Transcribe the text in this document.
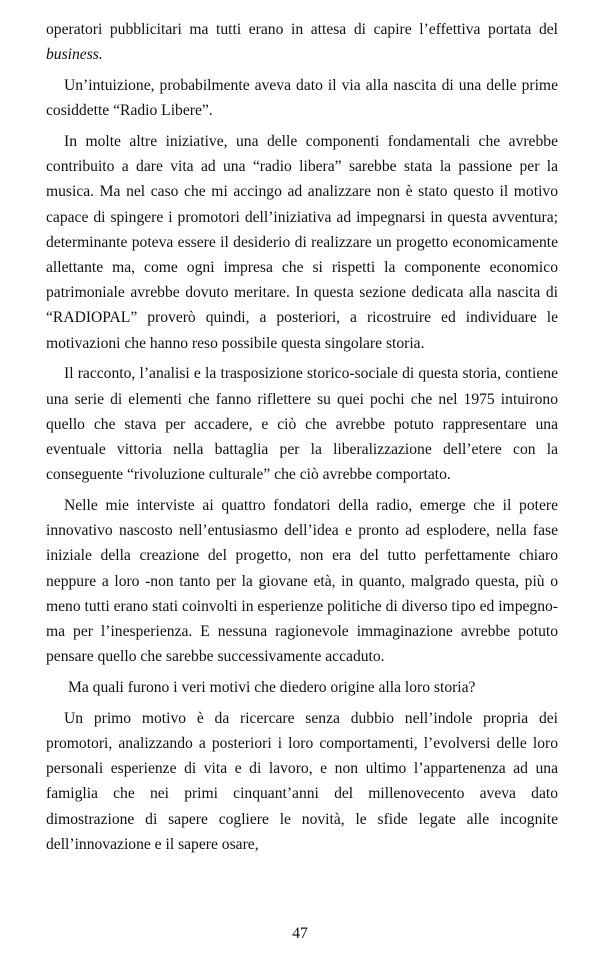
operatori pubblicitari ma tutti erano in attesa di capire l’effettiva portata del business.

Un’intuizione, probabilmente aveva dato il via alla nascita di una delle prime cosiddette “Radio Libere”.

In molte altre iniziative, una delle componenti fondamentali che avrebbe contribuito a dare vita ad una “radio libera” sarebbe stata la passione per la musica. Ma nel caso che mi accingo ad analizzare non è stato questo il motivo capace di spingere i promotori dell’iniziativa ad impegnarsi in questa avventura; determinante poteva essere il desiderio di realizzare un progetto economicamente allettante ma, come ogni impresa che si rispetti la componente economico patrimoniale avrebbe dovuto meritare. In questa sezione dedicata alla nascita di “RADIOPAL” proverò quindi, a posteriori, a ricostruire ed individuare le motivazioni che hanno reso possibile questa singolare storia.

Il racconto, l’analisi e la trasposizione storico-sociale di questa storia, contiene una serie di elementi che fanno riflettere su quei pochi che nel 1975 intuirono quello che stava per accadere, e ciò che avrebbe potuto rappresentare una eventuale vittoria nella battaglia per la liberalizzazione dell’etere con la conseguente “rivoluzione culturale” che ciò avrebbe comportato.

Nelle mie interviste ai quattro fondatori della radio, emerge che il potere innovativo nascosto nell’entusiasmo dell’idea e pronto ad esplodere, nella fase iniziale della creazione del progetto, non era del tutto perfettamente chiaro neppure a loro -non tanto per la giovane età, in quanto, malgrado questa, più o meno tutti erano stati coinvolti in esperienze politiche di diverso tipo ed impegno-ma per l’inesperienza. E nessuna ragionevole immaginazione avrebbe potuto pensare quello che sarebbe successivamente accaduto.

Ma quali furono i veri motivi che diedero origine alla loro storia?

Un primo motivo è da ricercare senza dubbio nell’indole propria dei promotori, analizzando a posteriori i loro comportamenti, l’evolversi delle loro personali esperienze di vita e di lavoro, e non ultimo l’appartenenza ad una famiglia che nei primi cinquant’anni del millenovecento aveva dato dimostrazione di sapere cogliere le novità, le sfide legate alle incognite dell’innovazione e il sapere osare,

47
